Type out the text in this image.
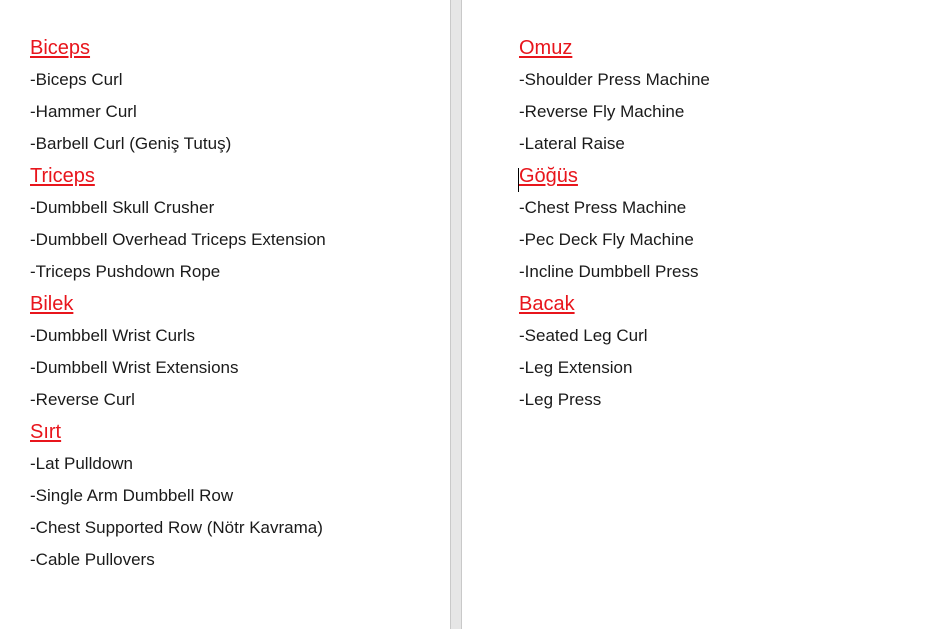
Biceps
-Biceps Curl
-Hammer Curl
-Barbell Curl (Geniş Tutuş)
Triceps
-Dumbbell Skull Crusher
-Dumbbell Overhead Triceps Extension
-Triceps Pushdown Rope
Bilek
-Dumbbell Wrist Curls
-Dumbbell Wrist Extensions
-Reverse Curl
Sırt
-Lat Pulldown
-Single Arm Dumbbell Row
-Chest Supported Row (Nötr Kavrama)
-Cable Pullovers
Omuz
-Shoulder Press Machine
-Reverse Fly Machine
-Lateral Raise
Göğüs
-Chest Press Machine
-Pec Deck Fly Machine
-Incline Dumbbell Press
Bacak
-Seated Leg Curl
-Leg Extension
-Leg Press
